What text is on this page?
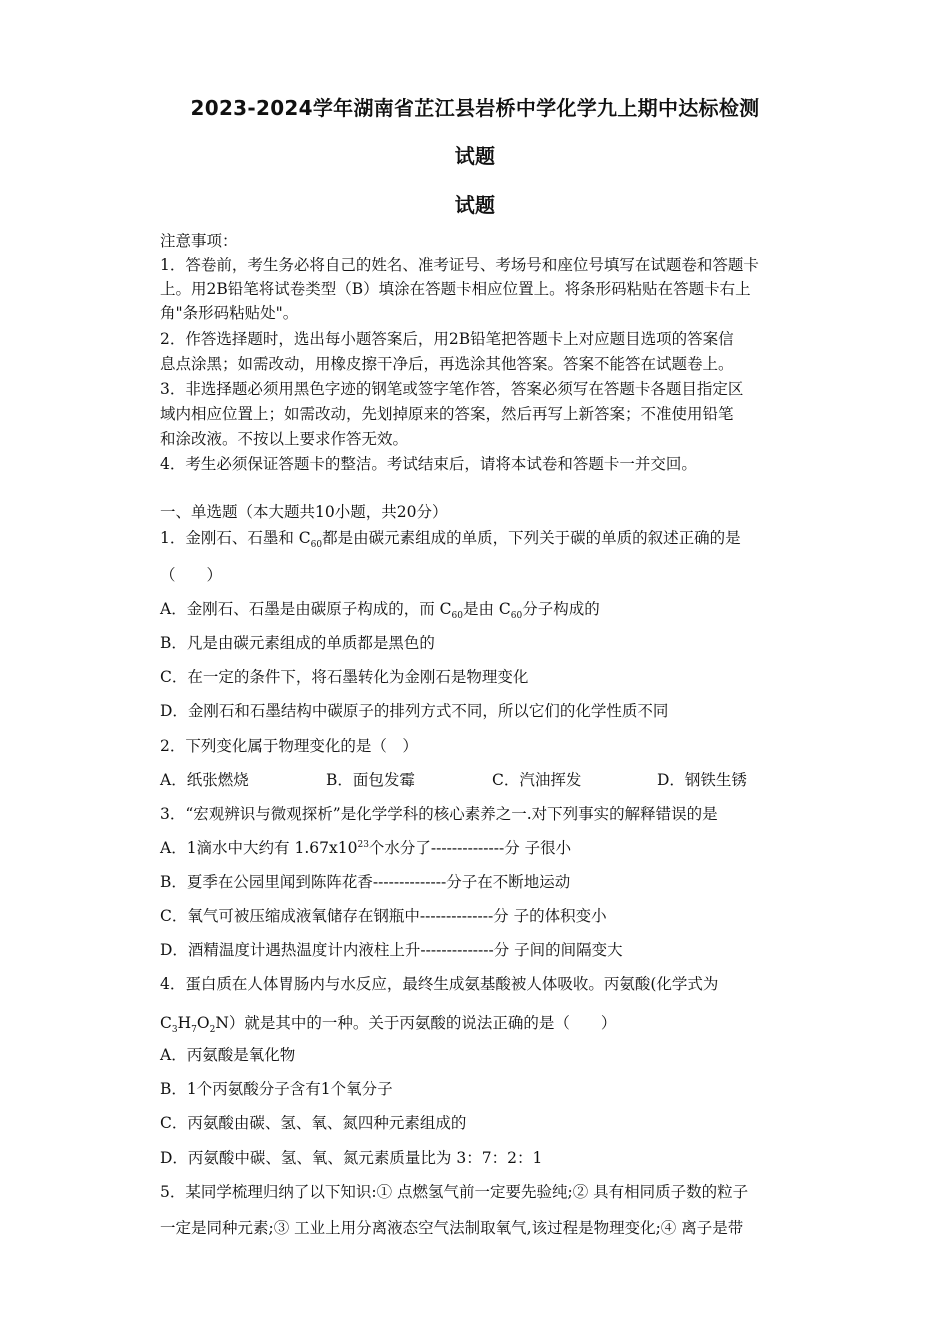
2023-2024学年湖南省芷江县岩桥中学化学九上期中达标检测
试题
试题
注意事项：
1．答卷前，考生务必将自己的姓名、准考证号、考场号和座位号填写在试题卷和答题卡
上。用2B铅笔将试卷类型（B）填涂在答题卡相应位置上。将条形码粘贴在答题卡右上
角"条形码粘贴处"。
2．作答选择题时，选出每小题答案后，用2B铅笔把答题卡上对应题目选项的答案信
息点涂黑；如需改动，用橡皮擦干净后，再选涂其他答案。答案不能答在试题卷上。
3．非选择题必须用黑色字迹的钢笔或签字笔作答，答案必须写在答题卡各题目指定区
域内相应位置上；如需改动，先划掉原来的答案，然后再写上新答案；不准使用铅笔
和涂改液。不按以上要求作答无效。
4．考生必须保证答题卡的整洁。考试结束后，请将本试卷和答题卡一并交回。
一、单选题（本大题共10小题，共20分）
1．金刚石、石墨和 $C_{60}$都是由碳元素组成的单质，下列关于碳的单质的叙述正确的是
（　　）
A．金刚石、石墨是由碳原子构成的，而 $C_{60}$是由 $C_{60}$分子构成的
B．凡是由碳元素组成的单质都是黑色的
C．在一定的条件下，将石墨转化为金刚石是物理变化
D．金刚石和石墨结构中碳原子的排列方式不同，所以它们的化学性质不同
2．下列变化属于物理变化的是（　）
A．纸张燃烧	B．面包发霉	C．汽油挥发	D．钢铁生锈
3．“宏观辨识与微观探析”是化学学科的核心素养之一.对下列事实的解释错误的是
A．1滴水中大约有 $1.67x10^{23}$个水分了--------------分 子很小
B．夏季在公园里闻到陈阵花香--------------分子在不断地运动
C．氧气可被压缩成液氧储存在钢瓶中--------------分 子的体积变小
D．酒精温度计遇热温度计内液柱上升--------------分 子间的间隔变大
4．蛋白质在人体胃肠内与水反应，最终生成氨基酸被人体吸收。丙氨酸(化学式为
$C_3H_7O_2N$）就是其中的一种。关于丙氨酸的说法正确的是（　　）
A．丙氨酸是氧化物
B．1个丙氨酸分子含有1个氧分子
C．丙氨酸由碳、氢、氧、氮四种元素组成的
D．丙氨酸中碳、氢、氧、氮元素质量比为 3：7：2：1
5．某同学梳理归纳了以下知识:① 点燃氢气前一定要先验纯;② 具有相同质子数的粒子
一定是同种元素;③ 工业上用分离液态空气法制取氧气,该过程是物理变化;④ 离子是带
